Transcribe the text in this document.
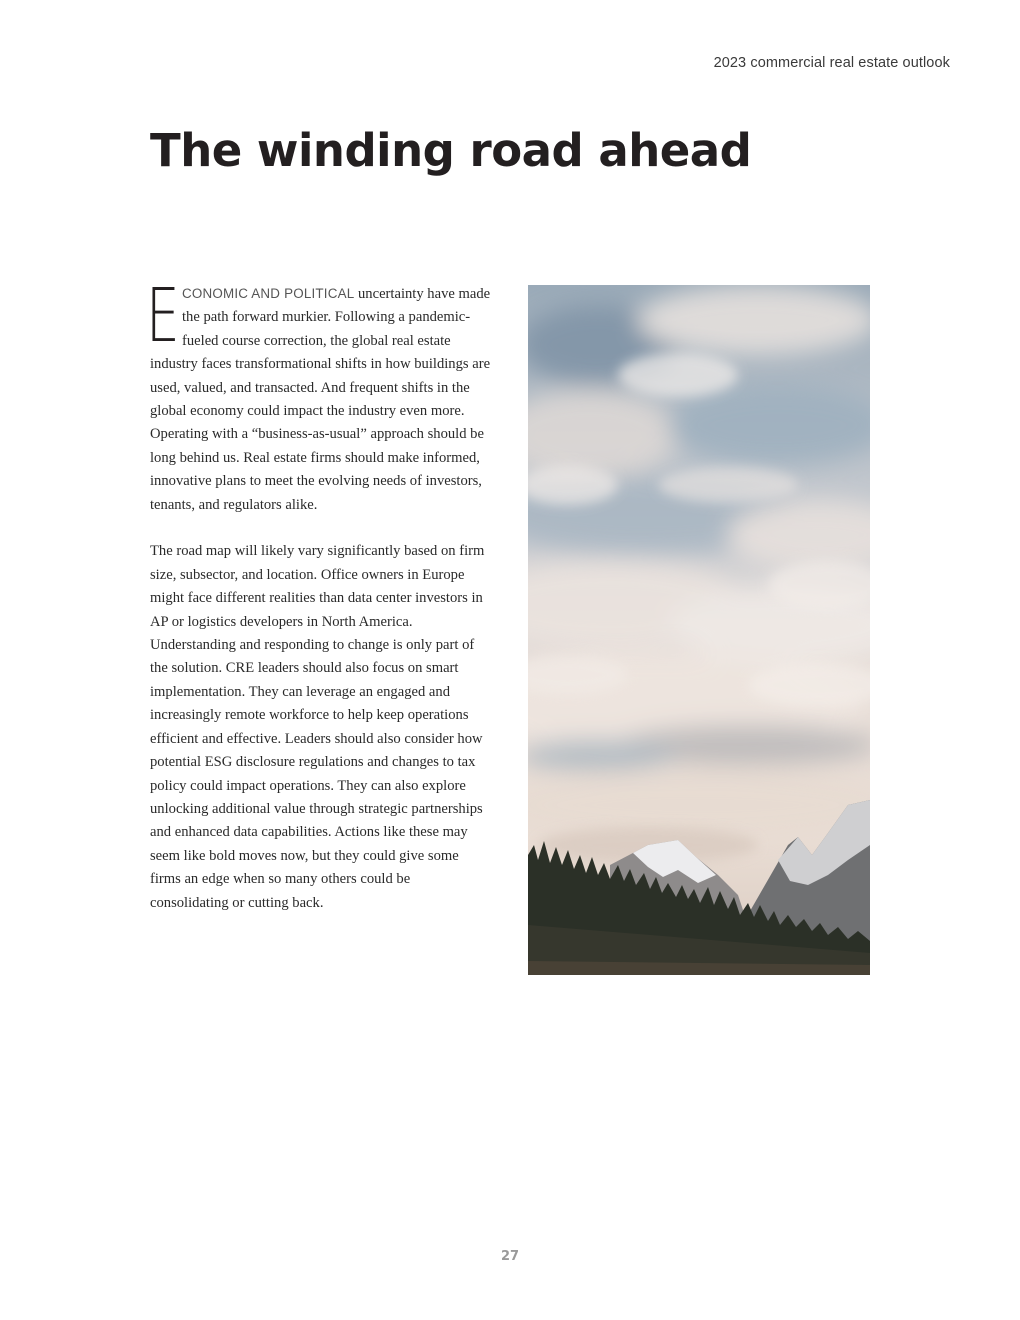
2023 commercial real estate outlook
The winding road ahead

ECONOMIC AND POLITICAL uncertainty have made the path forward murkier. Following a pandemic-fueled course correction, the global real estate industry faces transformational shifts in how buildings are used, valued, and transacted. And frequent shifts in the global economy could impact the industry even more. Operating with a “business-as-usual” approach should be long behind us. Real estate firms should make informed, innovative plans to meet the evolving needs of investors, tenants, and regulators alike.

The road map will likely vary significantly based on firm size, subsector, and location. Office owners in Europe might face different realities than data center investors in AP or logistics developers in North America. Understanding and responding to change is only part of the solution. CRE leaders should also focus on smart implementation. They can leverage an engaged and increasingly remote workforce to help keep operations efficient and effective. Leaders should also consider how potential ESG disclosure regulations and changes to tax policy could impact operations. They can also explore unlocking additional value through strategic partnerships and enhanced data capabilities. Actions like these may seem like bold moves now, but they could give some firms an edge when so many others could be consolidating or cutting back.

27
